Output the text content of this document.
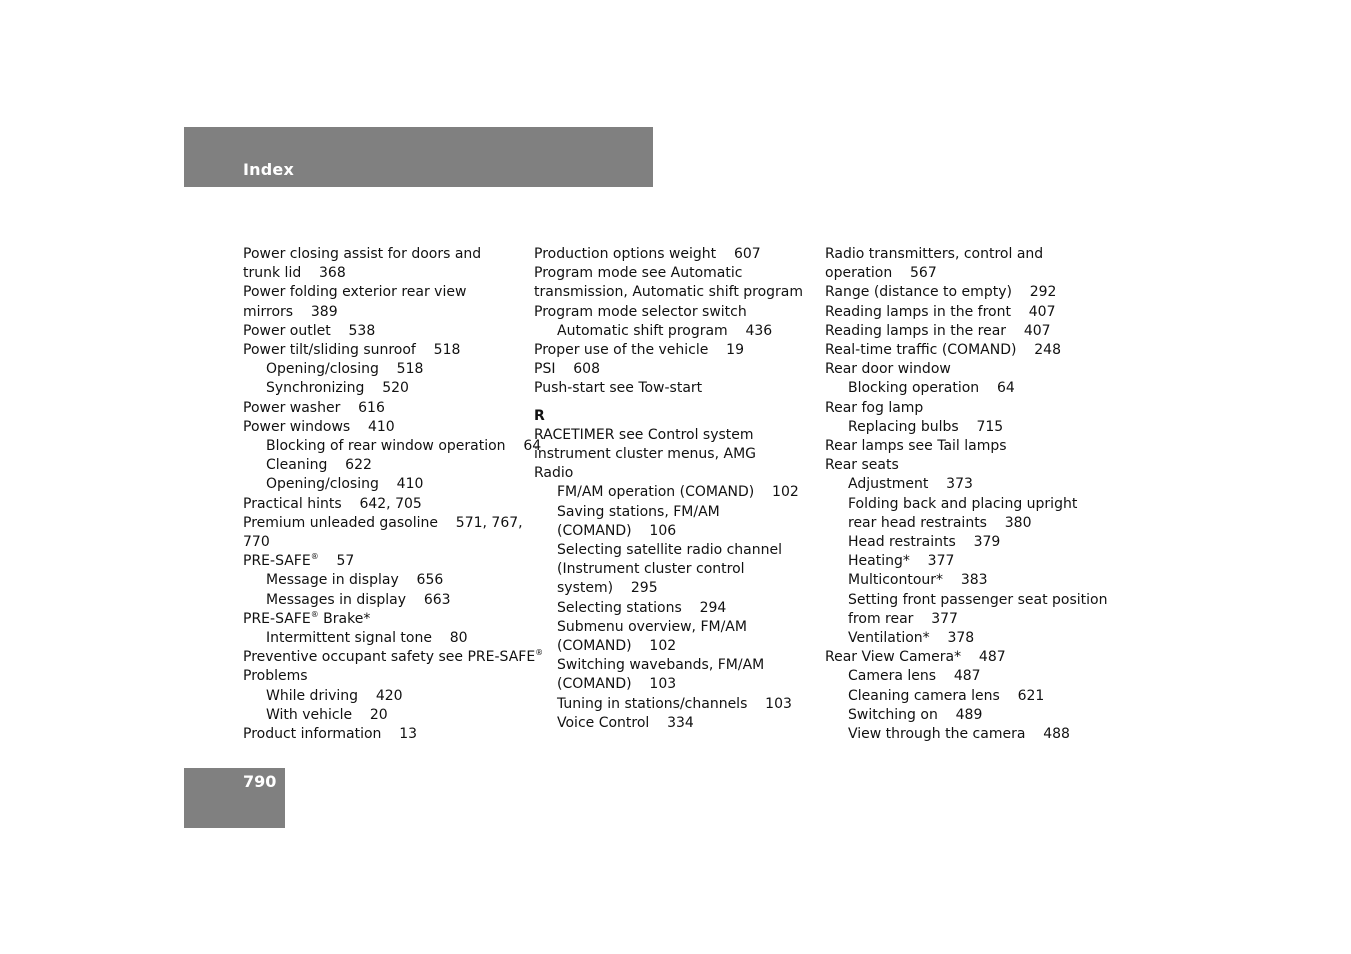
Index
Power closing assist for doors and
trunk lid    368
Power folding exterior rear view
mirrors    389
Power outlet    538
Power tilt/sliding sunroof    518
Opening/closing    518
Synchronizing    520
Power washer    616
Power windows    410
Blocking of rear window operation    64
Cleaning    622
Opening/closing    410
Practical hints    642, 705
Premium unleaded gasoline    571, 767,
770
PRE-SAFE®    57
Message in display    656
Messages in display    663
PRE-SAFE® Brake*
Intermittent signal tone    80
Preventive occupant safety see PRE-SAFE®
Problems
While driving    420
With vehicle    20
Product information    13
Production options weight    607
Program mode see Automatic
transmission, Automatic shift program
Program mode selector switch
Automatic shift program    436
Proper use of the vehicle    19
PSI    608
Push-start see Tow-start
R
RACETIMER see Control system
instrument cluster menus, AMG
Radio
FM/AM operation (COMAND)    102
Saving stations, FM/AM
(COMAND)    106
Selecting satellite radio channel
(Instrument cluster control
system)    295
Selecting stations    294
Submenu overview, FM/AM
(COMAND)    102
Switching wavebands, FM/AM
(COMAND)    103
Tuning in stations/channels    103
Voice Control    334
Radio transmitters, control and
operation    567
Range (distance to empty)    292
Reading lamps in the front    407
Reading lamps in the rear    407
Real-time traffic (COMAND)    248
Rear door window
Blocking operation    64
Rear fog lamp
Replacing bulbs    715
Rear lamps see Tail lamps
Rear seats
Adjustment    373
Folding back and placing upright
rear head restraints    380
Head restraints    379
Heating*    377
Multicontour*    383
Setting front passenger seat position
from rear    377
Ventilation*    378
Rear View Camera*    487
Camera lens    487
Cleaning camera lens    621
Switching on    489
View through the camera    488
790
